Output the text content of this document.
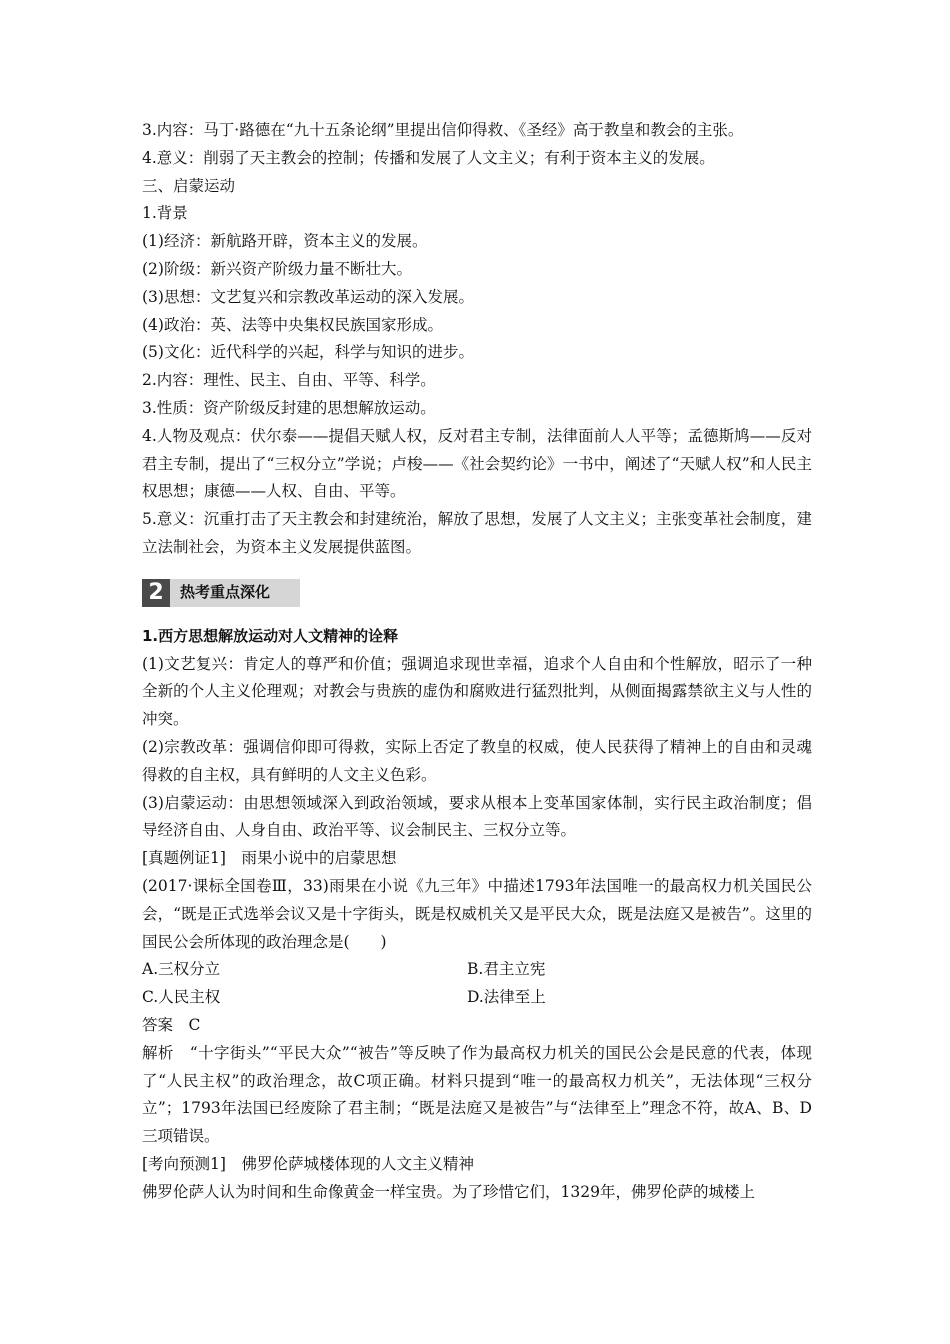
3.内容：马丁·路德在“九十五条论纲”里提出信仰得救、《圣经》高于教皇和教会的主张。

4.意义：削弱了天主教会的控制；传播和发展了人文主义；有利于资本主义的发展。

三、启蒙运动

1.背景

(1)经济：新航路开辟，资本主义的发展。

(2)阶级：新兴资产阶级力量不断壮大。

(3)思想：文艺复兴和宗教改革运动的深入发展。

(4)政治：英、法等中央集权民族国家形成。

(5)文化：近代科学的兴起，科学与知识的进步。

2.内容：理性、民主、自由、平等、科学。

3.性质：资产阶级反封建的思想解放运动。

4.人物及观点：伏尔泰——提倡天赋人权，反对君主专制，法律面前人人平等；孟德斯鸠——反对君主专制，提出了“三权分立”学说；卢梭——《社会契约论》一书中，阐述了“天赋人权”和人民主权思想；康德——人权、自由、平等。

5.意义：沉重打击了天主教会和封建统治，解放了思想，发展了人文主义；主张变革社会制度，建立法制社会，为资本主义发展提供蓝图。

2	热考重点深化

1.西方思想解放运动对人文精神的诠释

(1)文艺复兴：肯定人的尊严和价值；强调追求现世幸福，追求个人自由和个性解放，昭示了一种全新的个人主义伦理观；对教会与贵族的虚伪和腐败进行猛烈批判，从侧面揭露禁欲主义与人性的冲突。

(2)宗教改革：强调信仰即可得救，实际上否定了教皇的权威，使人民获得了精神上的自由和灵魂得救的自主权，具有鲜明的人文主义色彩。

(3)启蒙运动：由思想领域深入到政治领域，要求从根本上变革国家体制，实行民主政治制度；倡导经济自由、人身自由、政治平等、议会制民主、三权分立等。

[真题例证1]　雨果小说中的启蒙思想

(2017·课标全国卷Ⅲ，33)雨果在小说《九三年》中描述1793年法国唯一的最高权力机关国民公会，“既是正式选举会议又是十字街头，既是权威机关又是平民大众，既是法庭又是被告”。这里的国民公会所体现的政治理念是(　　)

A.三权分立	B.君主立宪
C.人民主权	D.法律至上

答案　C

解析　“十字街头”“平民大众”“被告”等反映了作为最高权力机关的国民公会是民意的代表，体现了“人民主权”的政治理念，故C项正确。材料只提到“唯一的最高权力机关”，无法体现“三权分立”；1793年法国已经废除了君主制；“既是法庭又是被告”与“法律至上”理念不符，故A、B、D三项错误。

[考向预测1]　佛罗伦萨城楼体现的人文主义精神

佛罗伦萨人认为时间和生命像黄金一样宝贵。为了珍惜它们，1329年，佛罗伦萨的城楼上
